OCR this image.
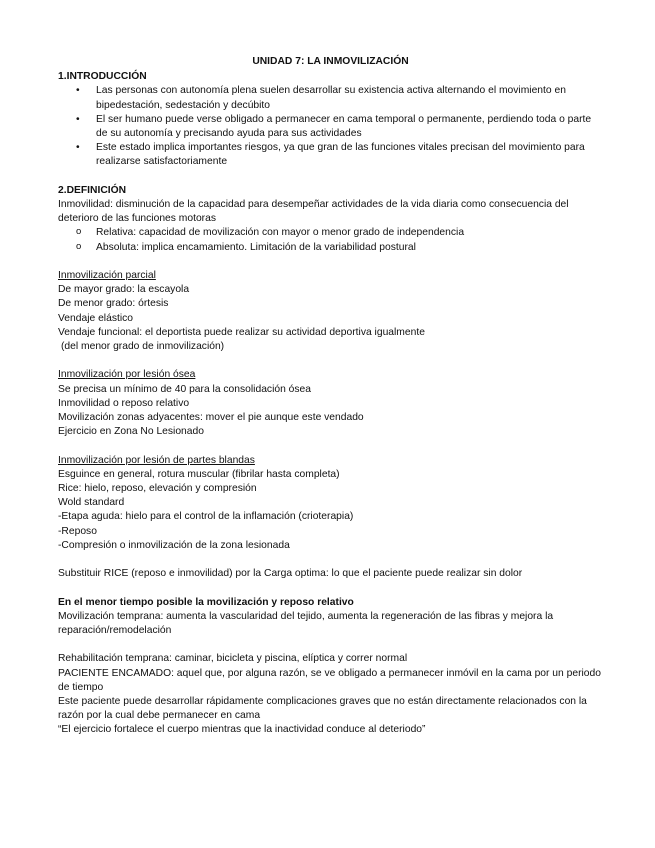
UNIDAD 7: LA INMOVILIZACIÓN

1.INTRODUCCIÓN

• Las personas con autonomía plena suelen desarrollar su existencia activa alternando el movimiento en bipedestación, sedestación y decúbito
• El ser humano puede verse obligado a permanecer en cama temporal o permanente, perdiendo toda o parte de su autonomía y precisando ayuda para sus actividades
• Este estado implica importantes riesgos, ya que gran de las funciones vitales precisan del movimiento para realizarse satisfactoriamente

2.DEFINICIÓN

Inmovilidad: disminución de la capacidad para desempeñar actividades de la vida diaria como consecuencia del deterioro de las funciones motoras

o Relativa: capacidad de movilización con mayor o menor grado de independencia
o Absoluta: implica encamamiento. Limitación de la variabilidad postural

Inmovilización parcial

De mayor grado: la escayola

De menor grado: órtesis

Vendaje elástico

Vendaje funcional: el deportista puede realizar su actividad deportiva igualmente

(del menor grado de inmovilización)

Inmovilización por lesión ósea

Se precisa un mínimo de 40 para la consolidación ósea

Inmovilidad o reposo relativo

Movilización zonas adyacentes: mover el pie aunque este vendado

Ejercicio en Zona No Lesionado

Inmovilización por lesión de partes blandas

Esguince en general, rotura muscular (fibrilar hasta completa)

Rice: hielo, reposo, elevación y compresión

Wold standard

-Etapa aguda: hielo para el control de la inflamación (crioterapia)

-Reposo

-Compresión o inmovilización de la zona lesionada

Substituir RICE (reposo e inmovilidad) por la Carga optima: lo que el paciente puede realizar sin dolor

En el menor tiempo posible la movilización y reposo relativo

Movilización temprana: aumenta la vascularidad del tejido, aumenta la regeneración de las fibras y mejora la reparación/remodelación

Rehabilitación temprana: caminar, bicicleta y piscina, elíptica y correr normal

PACIENTE ENCAMADO: aquel que, por alguna razón, se ve obligado a permanecer inmóvil en la cama por un periodo de tiempo

Este paciente puede desarrollar rápidamente complicaciones graves que no están directamente relacionados con la razón por la cual debe permanecer en cama

“El ejercicio fortalece el cuerpo mientras que la inactividad conduce al deteriodo”
